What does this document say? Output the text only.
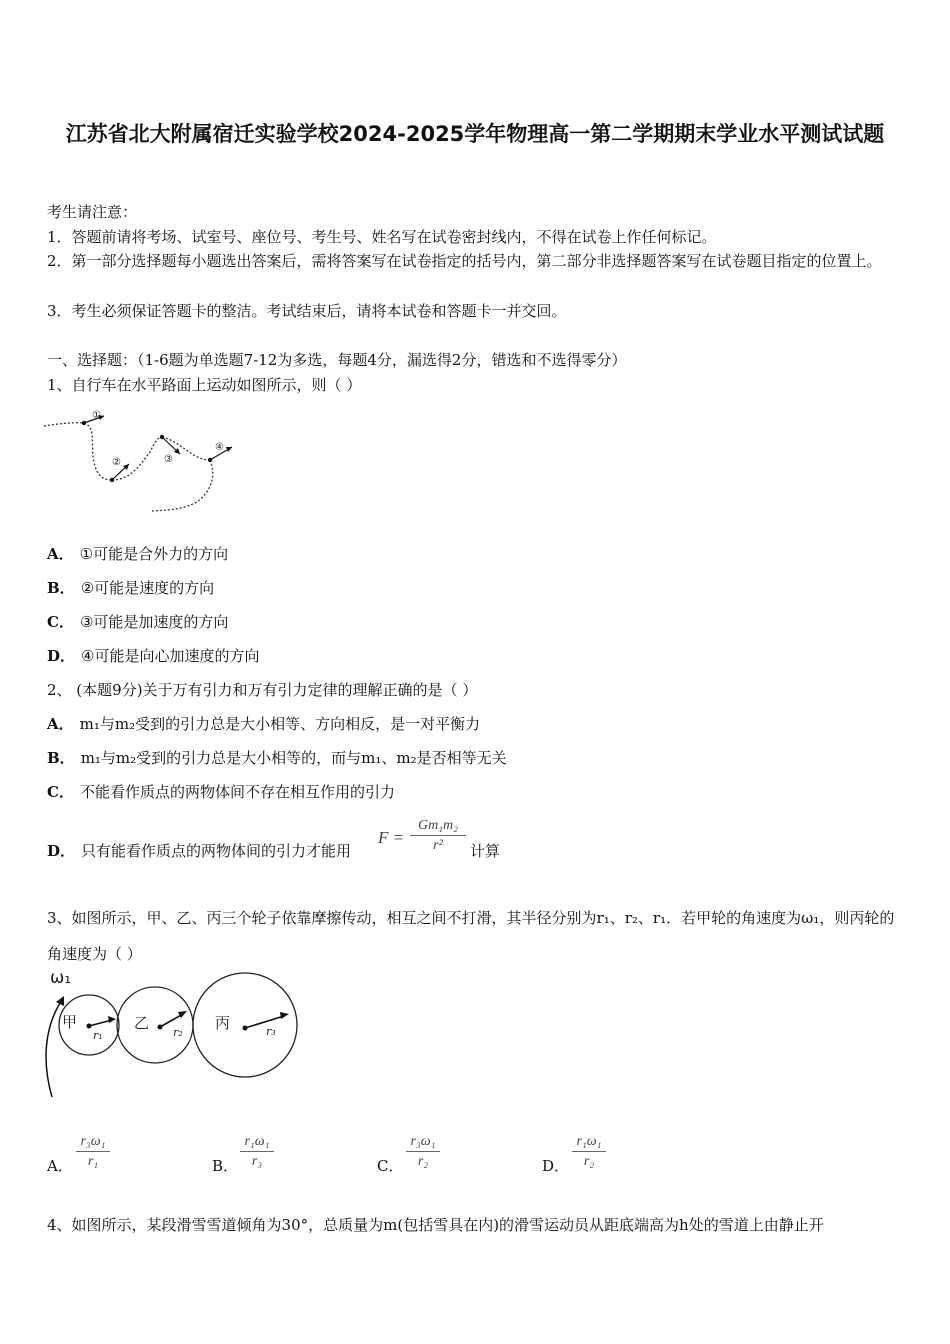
江苏省北大附属宿迁实验学校2024-2025学年物理高一第二学期期末学业水平测试试题
考生请注意：
1．答题前请将考场、试室号、座位号、考生号、姓名写在试卷密封线内，不得在试卷上作任何标记。
2．第一部分选择题每小题选出答案后，需将答案写在试卷指定的括号内，第二部分非选择题答案写在试卷题目指定的位置上。
3．考生必须保证答题卡的整洁。考试结束后，请将本试卷和答题卡一并交回。
一、选择题：（1-6题为单选题7-12为多选，每题4分，漏选得2分，错选和不选得零分）
1、自行车在水平路面上运动如图所示，则（ ）
①
②	③
④
A． ①可能是合外力的方向
B． ②可能是速度的方向
C． ③可能是加速度的方向
D． ④可能是向心加速度的方向
2、 (本题9分)关于万有引力和万有引力定律的理解正确的是（ ）
A． m₁与m₂受到的引力总是大小相等、方向相反，是一对平衡力
B． m₁与m₂受到的引力总是大小相等的，而与m₁、m₂是否相等无关
C． 不能看作质点的两物体间不存在相互作用的引力
D． 只有能看作质点的两物体间的引力才能用
$F = \frac{\text{Gm₁m₂}}{\text{r²}}$ 计算
3、如图所示，甲、乙、丙三个轮子依靠摩擦传动，相互之间不打滑，其半径分别为r₁、r₂、r₁．若甲轮的角速度为ω₁，则丙轮的角速度为（ ）
ω₁
甲	乙	丙
r₁	r₂	r₃
A． $\frac{\text{r₃ω₁}}{\text{r₁}}$	B． $\frac{\text{r₁ω₁}}{\text{r₃}}$	C． $\frac{\text{r₃ω₁}}{\text{r₂}}$	D． $\frac{\text{r₁ω₁}}{\text{r₂}}$
4、如图所示，某段滑雪雪道倾角为30°，总质量为m(包括雪具在内)的滑雪运动员从距底端高为h处的雪道上由静止开
